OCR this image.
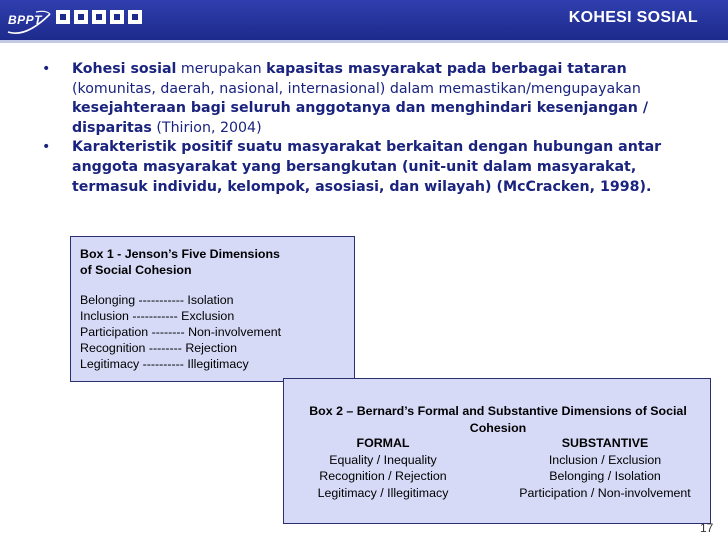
BPPT	KOHESI SOSIAL
• Kohesi sosial merupakan kapasitas masyarakat pada berbagai tataran (komunitas, daerah, nasional, internasional) dalam memastikan/mengupayakan kesejahteraan bagi seluruh anggotanya dan menghindari kesenjangan / disparitas (Thirion, 2004)
• Karakteristik positif suatu masyarakat berkaitan dengan hubungan antar anggota masyarakat yang bersangkutan (unit-unit dalam masyarakat, termasuk individu, kelompok, asosiasi, dan wilayah) (McCracken, 1998).
Box 1 - Jenson’s Five Dimensions
of Social Cohesion
Belonging ----------- Isolation
Inclusion ----------- Exclusion
Participation -------- Non-involvement
Recognition -------- Rejection
Legitimacy ---------- Illegitimacy
Box 2 – Bernard’s Formal and Substantive Dimensions of Social Cohesion
FORMAL
Equality / Inequality
Recognition / Rejection
Legitimacy / Illegitimacy
SUBSTANTIVE
Inclusion / Exclusion
Belonging / Isolation
Participation / Non-involvement
17
